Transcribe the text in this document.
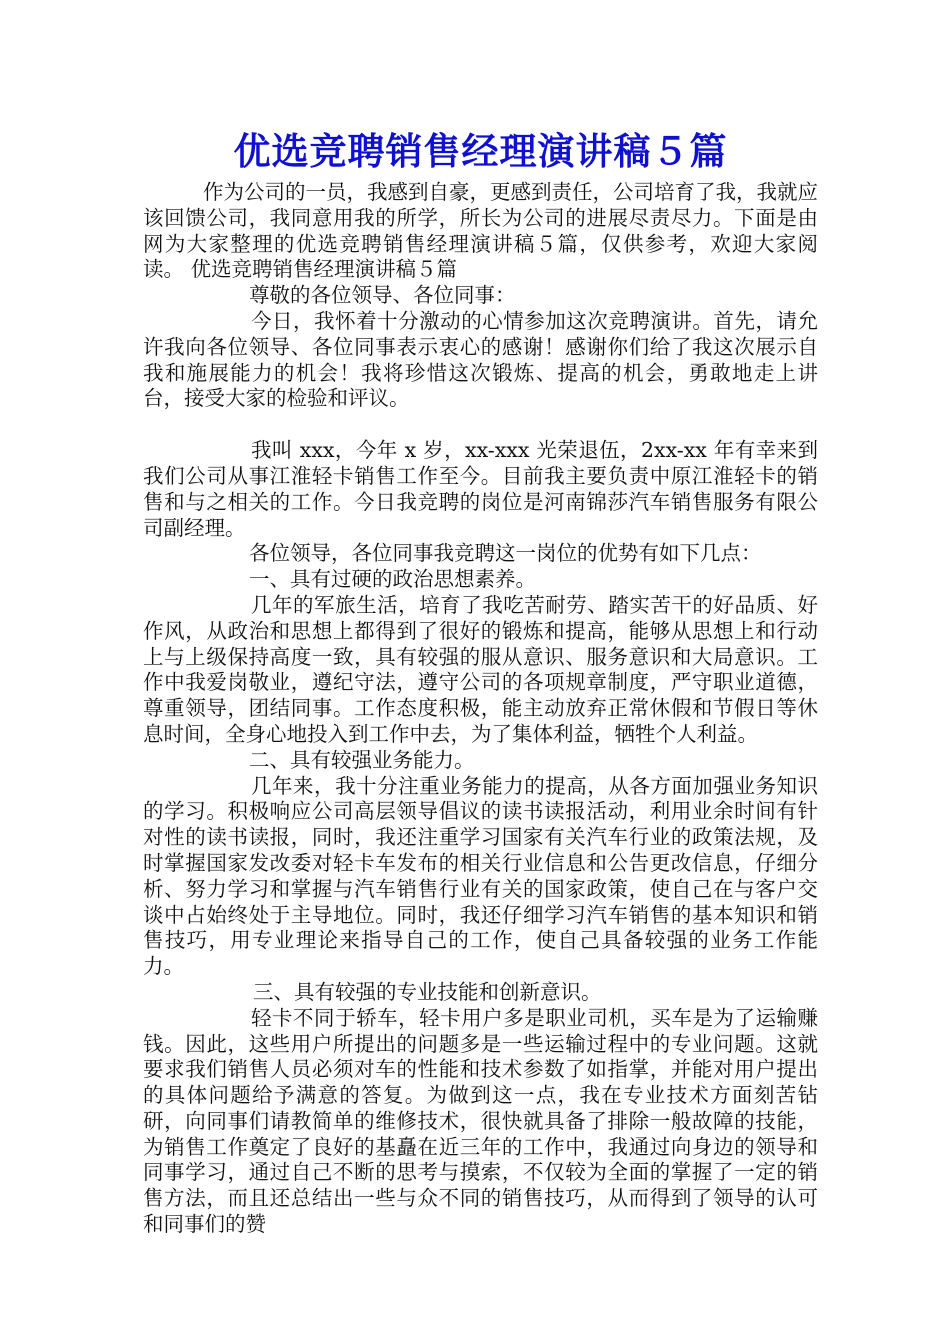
优选竞聘销售经理演讲稿５篇

作为公司的一员，我感到自豪，更感到责任，公司培育了我，我就应该回馈公司，我同意用我的所学，所长为公司的进展尽责尽力。下面是由网为大家整理的优选竞聘销售经理演讲稿５篇，仅供参考，欢迎大家阅读。 优选竞聘销售经理演讲稿５篇

尊敬的各位领导、各位同事：

今日，我怀着十分激动的心情参加这次竞聘演讲。首先，请允许我向各位领导、各位同事表示衷心的感谢！感谢你们给了我这次展示自我和施展能力的机会！我将珍惜这次锻炼、提高的机会，勇敢地走上讲台，接受大家的检验和评议。

我叫 xxx，今年 x 岁，xx-xxx 光荣退伍，2xx-xx 年有幸来到我们公司从事江淮轻卡销售工作至今。目前我主要负责中原江淮轻卡的销售和与之相关的工作。今日我竞聘的岗位是河南锦莎汽车销售服务有限公司副经理。

各位领导，各位同事我竞聘这一岗位的优势有如下几点：

一、具有过硬的政治思想素养。

几年的军旅生活，培育了我吃苦耐劳、踏实苦干的好品质、好作风，从政治和思想上都得到了很好的锻炼和提高，能够从思想上和行动上与上级保持高度一致，具有较强的服从意识、服务意识和大局意识。工作中我爱岗敬业，遵纪守法，遵守公司的各项规章制度，严守职业道德，尊重领导，团结同事。工作态度积极，能主动放弃正常休假和节假日等休息时间，全身心地投入到工作中去，为了集体利益，牺牲个人利益。

二、具有较强业务能力。

几年来，我十分注重业务能力的提高，从各方面加强业务知识的学习。积极响应公司高层领导倡议的读书读报活动，利用业余时间有针对性的读书读报，同时，我还注重学习国家有关汽车行业的政策法规，及时掌握国家发改委对轻卡车发布的相关行业信息和公告更改信息，仔细分析、努力学习和掌握与汽车销售行业有关的国家政策，使自己在与客户交谈中占始终处于主导地位。同时，我还仔细学习汽车销售的基本知识和销售技巧，用专业理论来指导自己的工作，使自己具备较强的业务工作能力。

三、具有较强的专业技能和创新意识。

轻卡不同于轿车，轻卡用户多是职业司机，买车是为了运输赚钱。因此，这些用户所提出的问题多是一些运输过程中的专业问题。这就要求我们销售人员必须对车的性能和技术参数了如指掌，并能对用户提出的具体问题给予满意的答复。为做到这一点，我在专业技术方面刻苦钻研，向同事们请教简单的维修技术，很快就具备了排除一般故障的技能，为销售工作奠定了良好的基矗在近三年的工作中，我通过向身边的领导和同事学习，通过自己不断的思考与摸索，不仅较为全面的掌握了一定的销售方法，而且还总结出一些与众不同的销售技巧，从而得到了领导的认可和同事们的赞
